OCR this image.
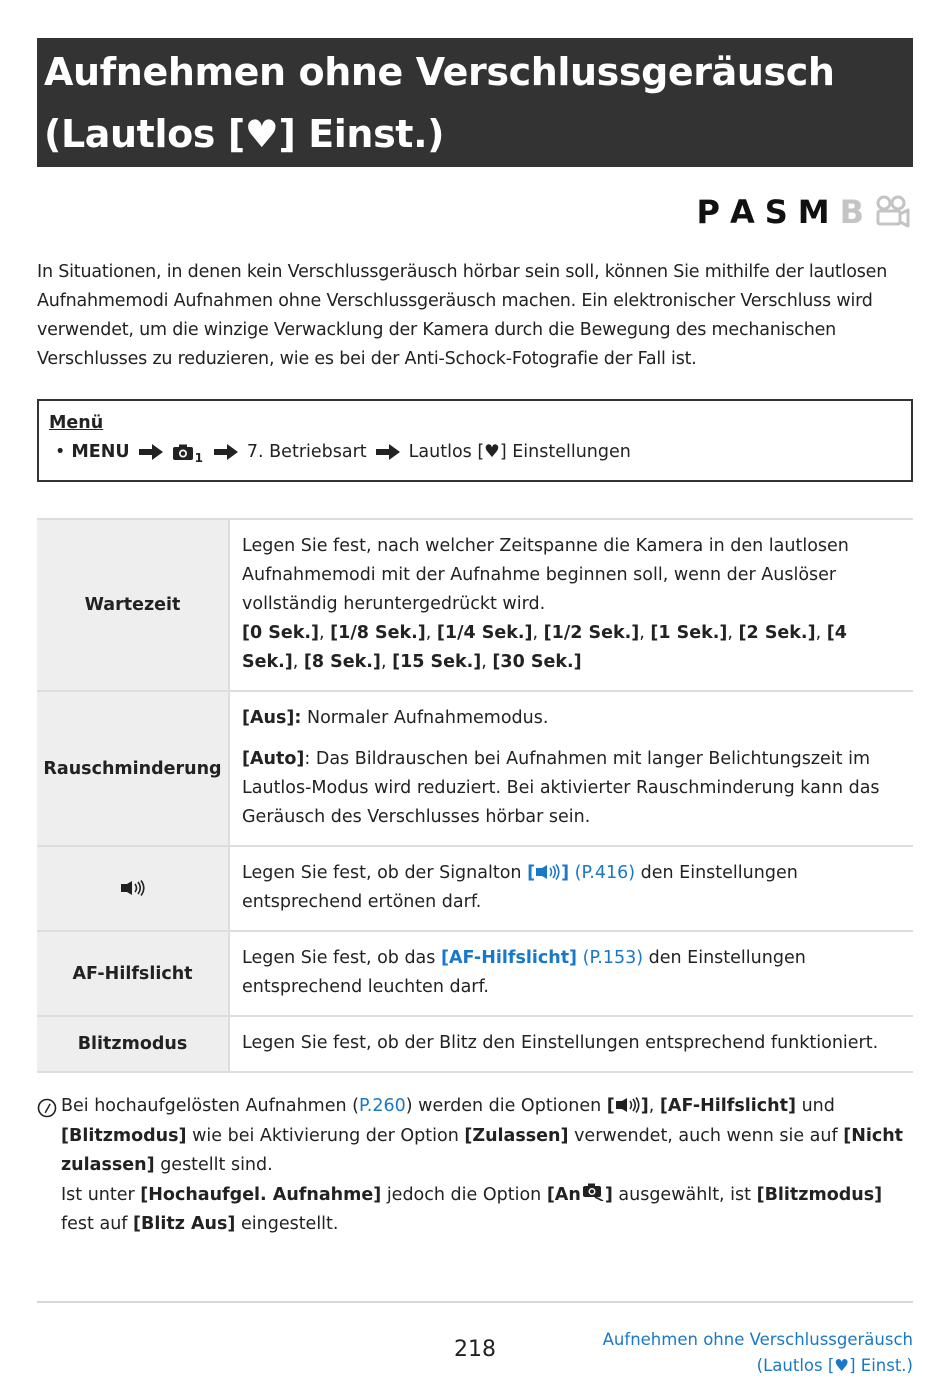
Aufnehmen ohne Verschlussgeräusch
(Lautlos [♥] Einst.)
P A S M B
In Situationen, in denen kein Verschlussgeräusch hörbar sein soll, können Sie mithilfe der lautlosen Aufnahmemodi Aufnahmen ohne Verschlussgeräusch machen. Ein elektronischer Verschluss wird verwendet, um die winzige Verwacklung der Kamera durch die Bewegung des mechanischen Verschlusses zu reduzieren, wie es bei der Anti-Schock-Fotografie der Fall ist.
Menü
• MENU	1	7. Betriebsart Lautlos [♥] Einstellungen
Wartezeit	Legen Sie fest, nach welcher Zeitspanne die Kamera in den lautlosen Aufnahmemodi mit der Aufnahme beginnen soll, wenn der Auslöser vollständig heruntergedrückt wird.
[0 Sek.], [1/8 Sek.], [1/4 Sek.], [1/2 Sek.], [1 Sek.], [2 Sek.], [4 Sek.], [8 Sek.], [15 Sek.], [30 Sek.]
Rauschminderung	[Aus]: Normaler Aufnahmemodus.
[Auto]: Das Bildrauschen bei Aufnahmen mit langer Belichtungszeit im Lautlos-Modus wird reduziert. Bei aktivierter Rauschminderung kann das Geräusch des Verschlusses hörbar sein.

	Legen Sie fest, ob der Signalton [ ] (P.416) den Einstellungen entsprechend ertönen darf.
AF-Hilfslicht	Legen Sie fest, ob das [AF-Hilfslicht] (P.153) den Einstellungen entsprechend leuchten darf.
Blitzmodus	Legen Sie fest, ob der Blitz den Einstellungen entsprechend funktioniert.
Bei hochaufgelösten Aufnahmen (P.260) werden die Optionen [ ], [AF-Hilfslicht] und [Blitzmodus] wie bei Aktivierung der Option [Zulassen] verwendet, auch wenn sie auf [Nicht zulassen] gestellt sind.
Ist unter [Hochaufgel. Aufnahme] jedoch die Option [An ] ausgewählt, ist [Blitzmodus] fest auf [Blitz Aus] eingestellt.
218	Aufnehmen ohne Verschlussgeräusch
(Lautlos [♥] Einst.)
